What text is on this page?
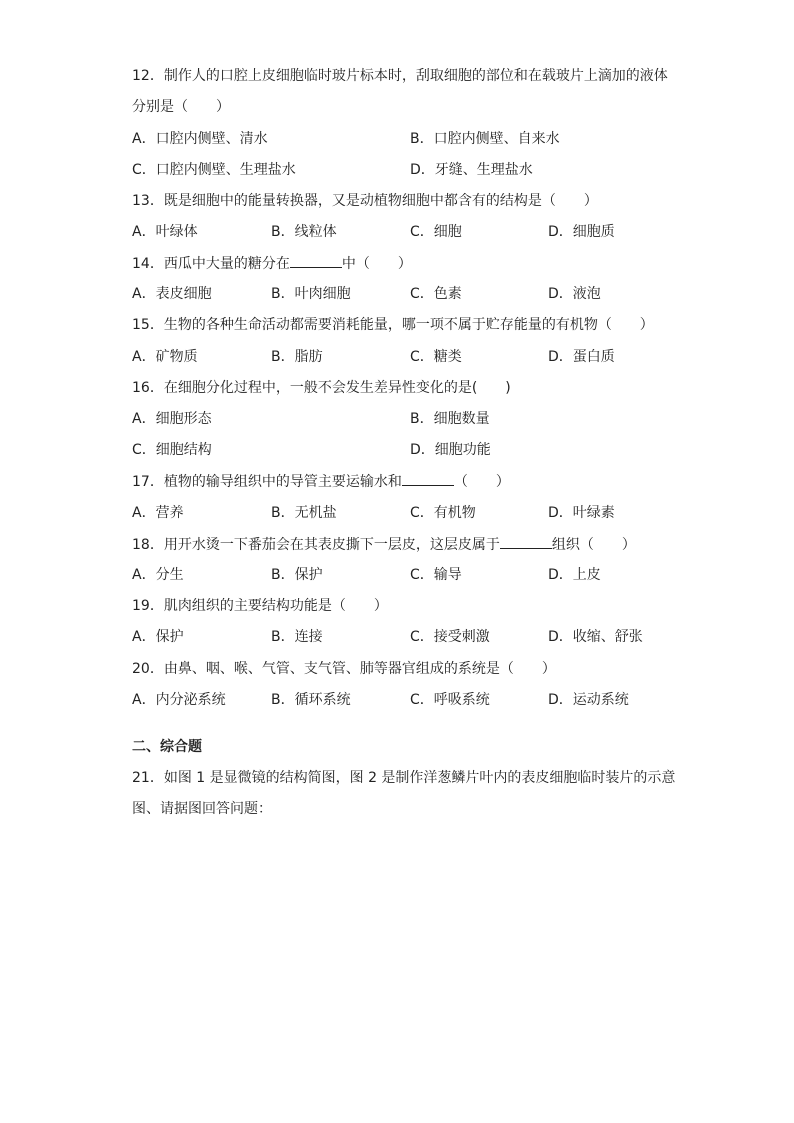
12．制作人的口腔上皮细胞临时玻片标本时，刮取细胞的部位和在载玻片上滴加的液体
分别是（　　）
A．口腔内侧壁、清水	B．口腔内侧壁、自来水
C．口腔内侧壁、生理盐水	D．牙缝、生理盐水
13．既是细胞中的能量转换器，又是动植物细胞中都含有的结构是（　　）
A．叶绿体	B．线粒体	C．细胞	D．细胞质
14．西瓜中大量的糖分在	中（　　）
A．表皮细胞	B．叶肉细胞	C．色素	D．液泡
15．生物的各种生命活动都需要消耗能量，哪一项不属于贮存能量的有机物（　　）
A．矿物质	B．脂肪	C．糖类	D．蛋白质
16．在细胞分化过程中，一般不会发生差异性变化的是(　　)
A．细胞形态	B．细胞数量
C．细胞结构	D．细胞功能
17．植物的输导组织中的导管主要运输水和	（　　）
A．营养	B．无机盐	C．有机物	D．叶绿素
18．用开水烫一下番茄会在其表皮撕下一层皮，这层皮属于	组织（　　）
A．分生	B．保护	C．输导	D．上皮
19．肌肉组织的主要结构功能是（　　）
A．保护	B．连接	C．接受刺激	D．收缩、舒张
20．由鼻、咽、喉、气管、支气管、肺等器官组成的系统是（　　）
A．内分泌系统	B．循环系统	C．呼吸系统	D．运动系统
二、综合题
21．如图 1 是显微镜的结构简图，图 2 是制作洋葱鳞片叶内的表皮细胞临时装片的示意
图、请据图回答问题：
